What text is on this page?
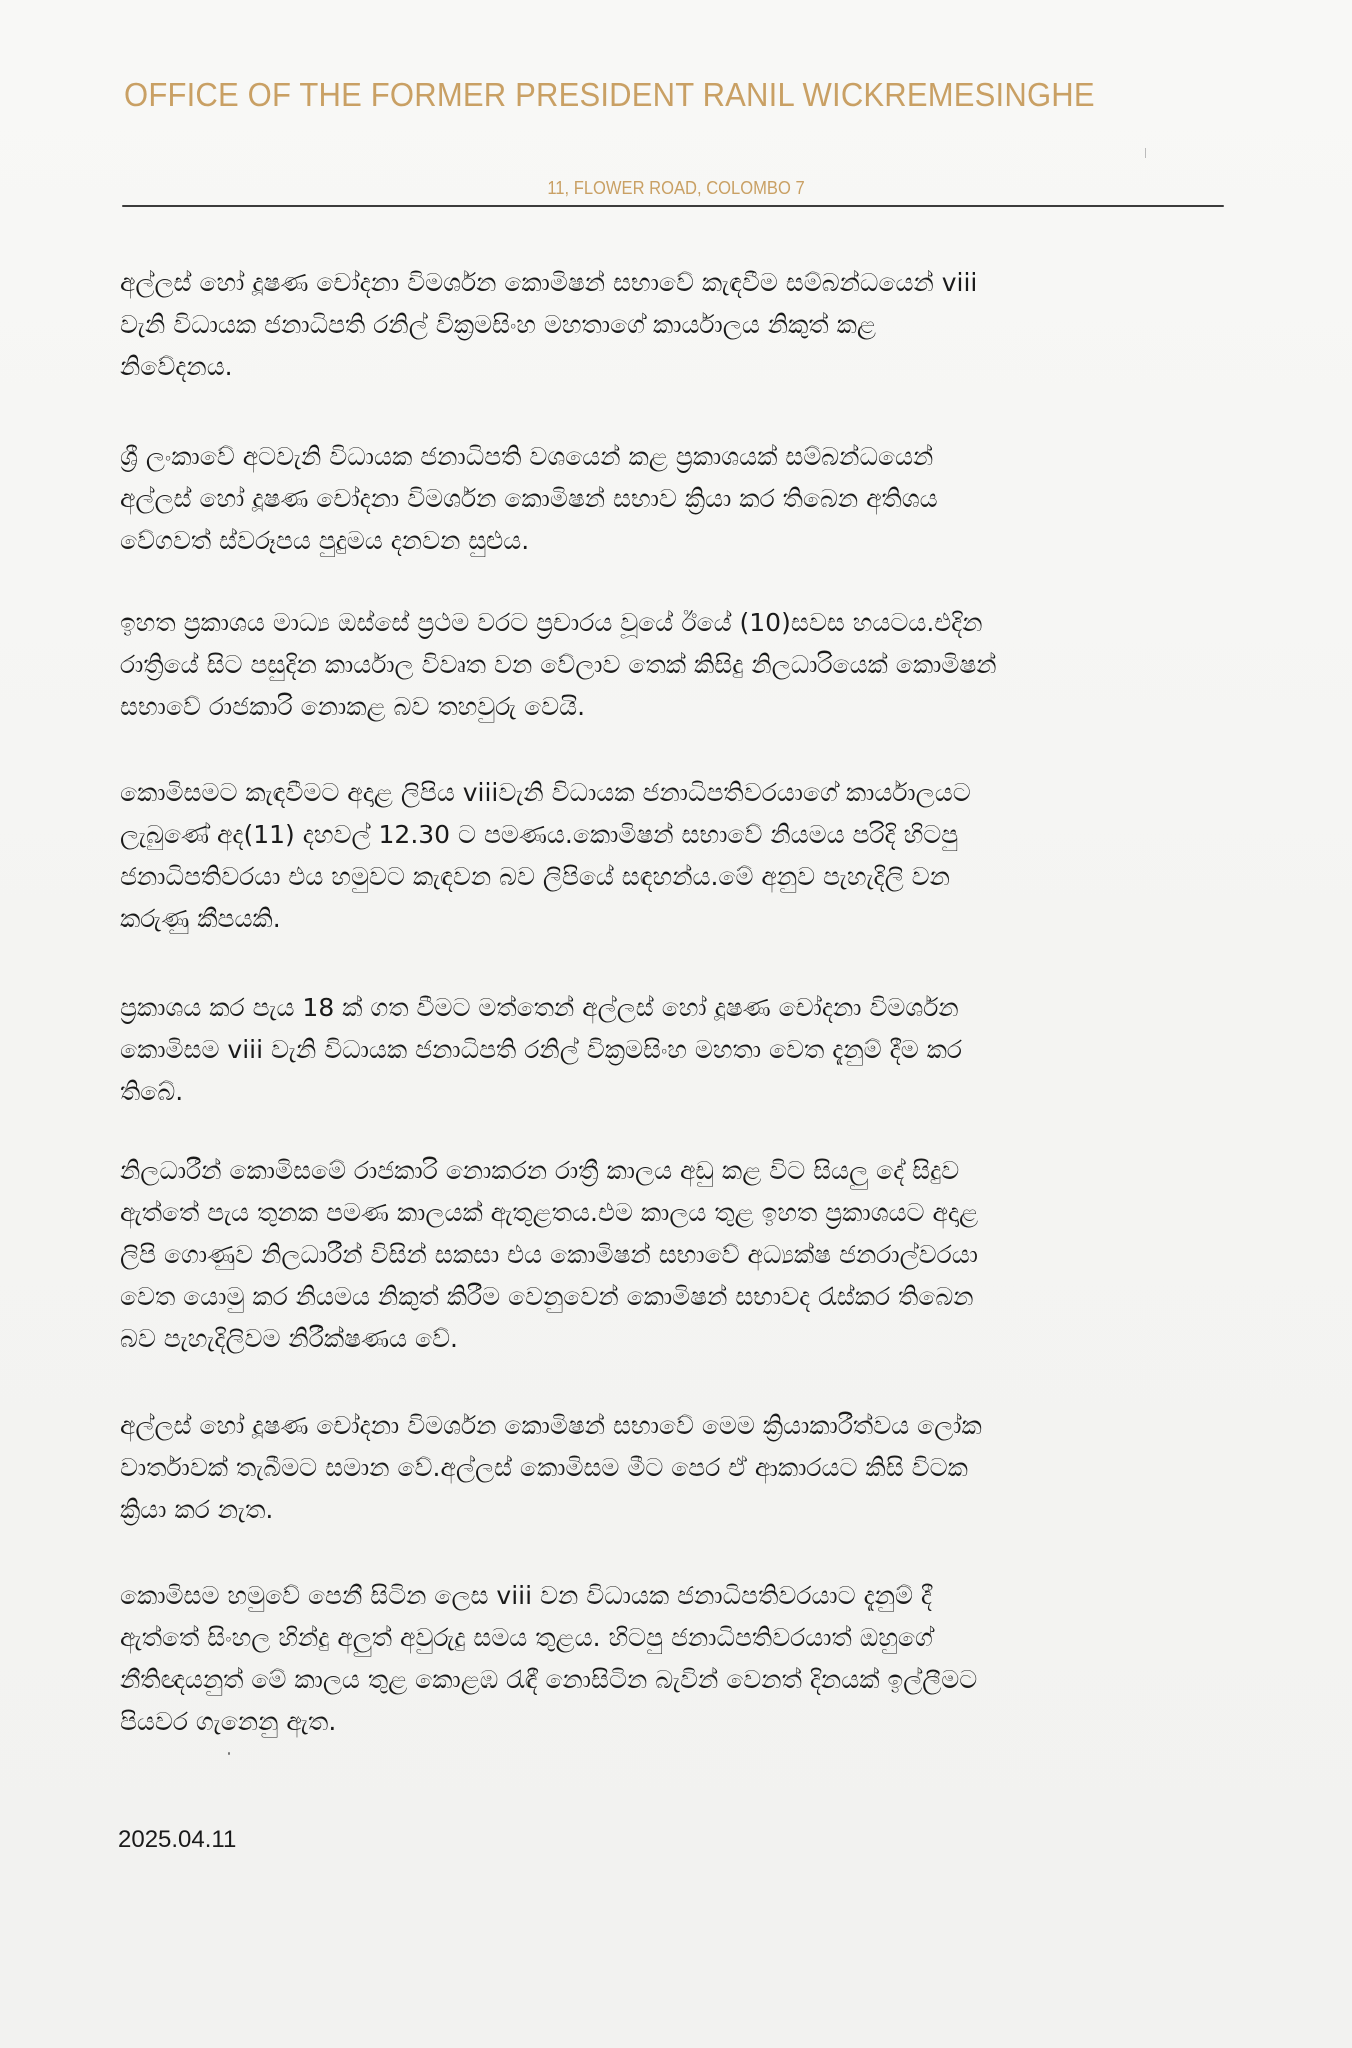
OFFICE OF THE FORMER PRESIDENT RANIL WICKREMESINGHE
11, FLOWER ROAD, COLOMBO 7
අල්ලස් හෝ දූෂණ චෝදනා විමර්ශන කොමිෂන් සභාවේ කැඳවීම සම්බන්ධයෙන් viii
වැනි විධායක ජනාධිපති රනිල් වික්‍රමසිංහ මහතාගේ කාර්යාලය නිකුත් කළ
නිවේදනය.
ශ්‍රී ලංකාවේ අටවැනි විධායක ජනාධිපති වශයෙන් කළ ප්‍රකාශයක් සම්බන්ධයෙන්
අල්ලස් හෝ දූෂණ චෝදනා විමර්ශන කොමිෂන් සභාව ක්‍රියා කර තිබෙන අතිශය
වේගවත් ස්වරූපය පුදුමය දනවන සුළුය.
ඉහත ප්‍රකාශය මාධ්‍ය ඔස්සේ ප්‍රථම වරට ප්‍රචාරය වූයේ ඊයේ (10)සවස හයටය.එදින
රාත්‍රියේ සිට පසුදින කාර්යාල විවෘත වන වේලාව තෙක් කිසිදු නිලධාරියෙක් කොමිෂන්
සභාවේ රාජකාරි නොකළ බව තහවුරු වෙයි.
කොමිසමට කැඳවීමට අදාළ ලිපිය viiiවැනි විධායක ජනාධිපතිවරයාගේ කාර්යාලයට
ලැබුණේ අද(11) දහවල් 12.30 ට පමණය.කොමිෂන් සභාවේ නියමය පරිදි හිටපු
ජනාධිපතිවරයා එය හමුවට කැඳවන බව ලිපියේ සඳහන්ය.මේ අනුව පැහැදිලි වන
කරුණු කීපයකි.
ප්‍රකාශය කර පැය 18 ක් ගත වීමට මත්තෙන් අල්ලස් හෝ දූෂණ චෝදනා විමර්ශන
කොමිසම viii වැනි විධායක ජනාධිපති රනිල් වික්‍රමසිංහ මහතා වෙත දැනුම් දීම කර
තිබේ.
නිලධාරීන් කොමිසමේ රාජකාරි නොකරන රාත්‍රී කාලය අඩු කළ විට සියලු දේ සිදුව
ඇත්තේ පැය තුනක පමණ කාලයක් ඇතුළතය.එම කාලය තුළ ඉහත ප්‍රකාශයට අදාළ
ලිපි ගොණුව නිලධාරීන් විසින් සකසා එය කොමිෂන් සභාවේ අධ්‍යක්ෂ ජනරාල්වරයා
වෙත යොමු කර නියමය නිකුත් කිරීම වෙනුවෙන් කොමිෂන් සභාවද රැස්කර තිබෙන
බව පැහැදිලිවම නිරීක්ෂණය වේ.
අල්ලස් හෝ දූෂණ චෝදනා විමර්ශන කොමිෂන් සභාවේ මෙම ක්‍රියාකාරීත්වය ලෝක
වාර්තාවක් තැබීමට සමාන වේ.අල්ලස් කොමිසම මීට පෙර ඒ ආකාරයට කිසි විටක
ක්‍රියා කර නැත.
කොමිසම හමුවේ පෙනී සිටින ලෙස viii වන විධායක ජනාධිපතිවරයාට දැනුම් දී
ඇත්තේ සිංහල හින්දු අලුත් අවුරුදු සමය තුළය. හිටපු ජනාධිපතිවරයාත් ඔහුගේ
නීතිඥයනුත් මේ කාලය තුළ කොළඹ රැඳී නොසිටින බැවින් වෙනත් දිනයක් ඉල්ලීමට
පියවර ගැනෙනු ඇත.
2025.04.11
